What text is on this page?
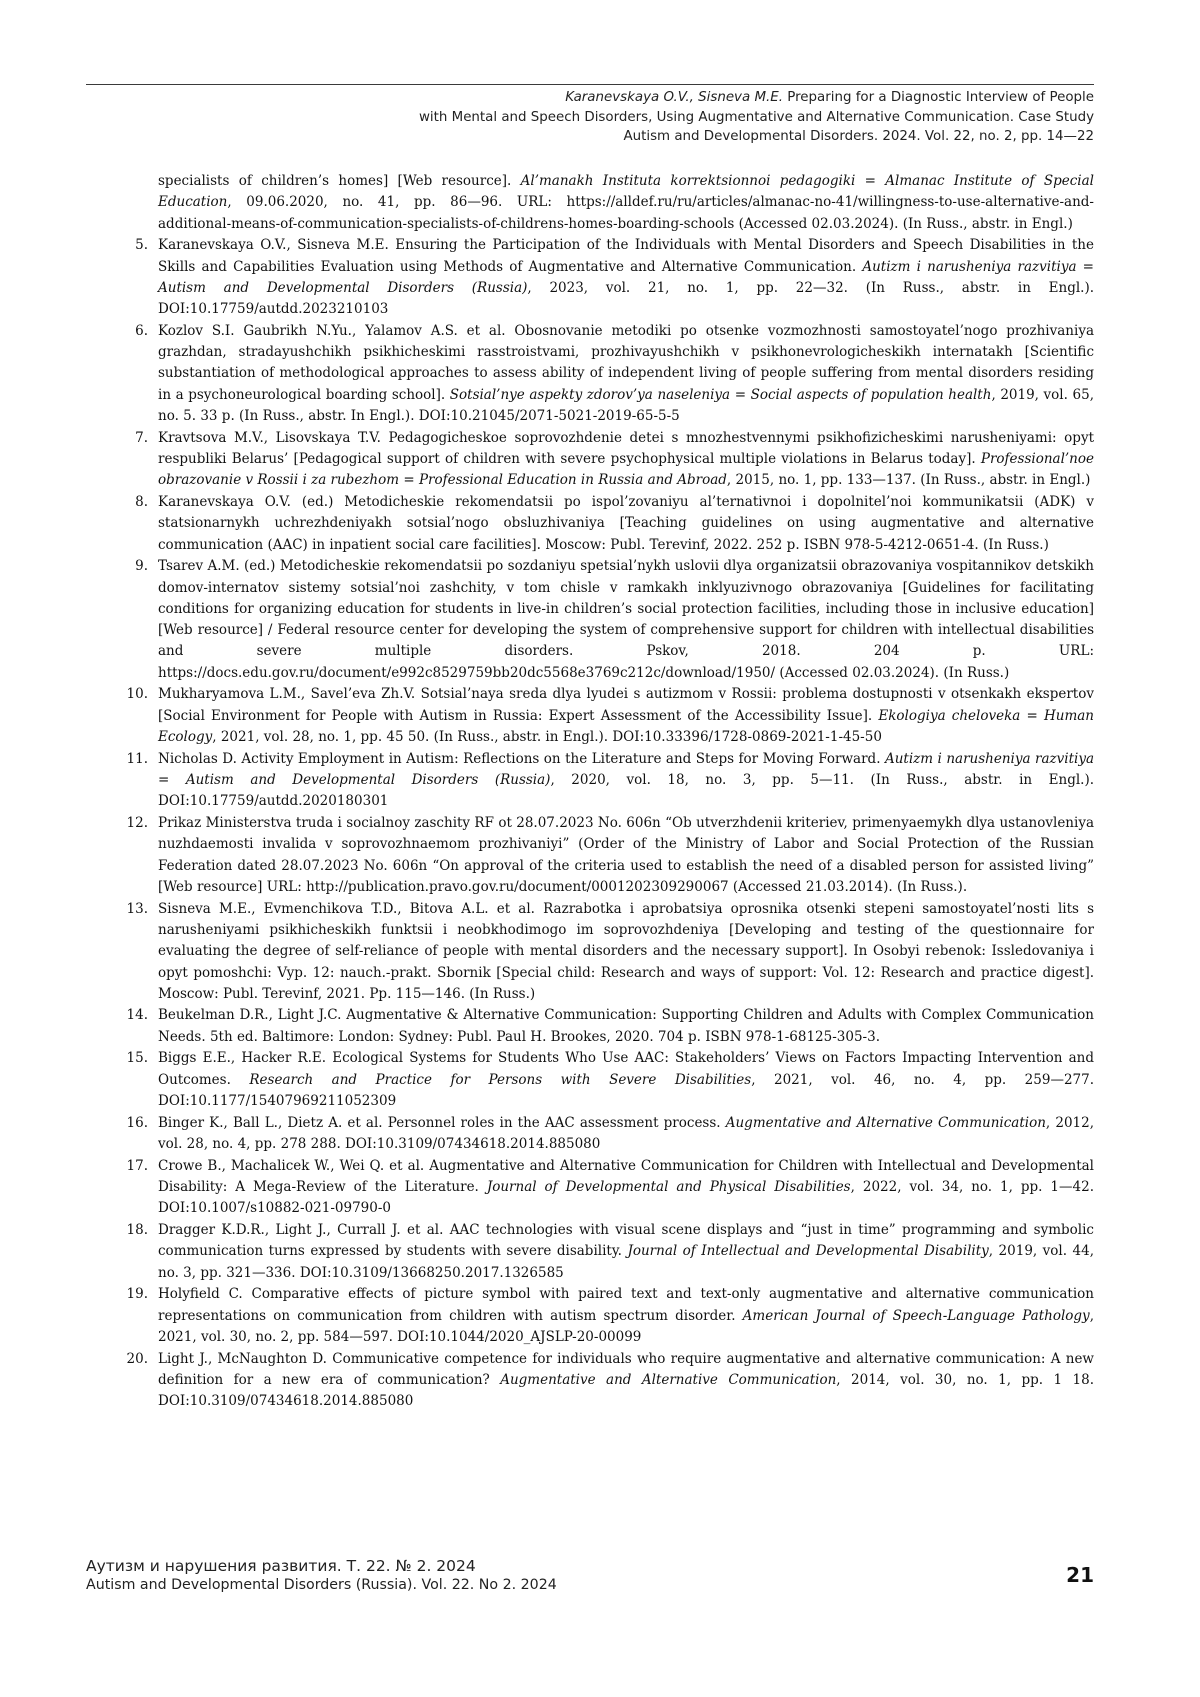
Karanevskaya O.V., Sisneva M.E. Preparing for a Diagnostic Interview of People
with Mental and Speech Disorders, Using Augmentative and Alternative Communication. Case Study
Autism and Developmental Disorders. 2024. Vol. 22, no. 2, pp. 14—22
specialists of children’s homes] [Web resource]. Al’manakh Instituta korrektsionnoi pedagogiki = Almanac Institute of Special Education, 09.06.2020, no. 41, pp. 86—96. URL: https://alldef.ru/ru/articles/almanac-no-41/willingness-to-use-alternative-and-additional-means-of-communication-specialists-of-childrens-homes-boarding-schools (Accessed 02.03.2024). (In Russ., abstr. in Engl.)
5 .	Karanevskaya O.V., Sisneva M.E. Ensuring the Participation of the Individuals with Mental Disorders and Speech Disabilities in the Skills and Capabilities Evaluation using Methods of Augmentative and Alternative Communication. Autizm i narusheniya razvitiya = Autism and Developmental Disorders (Russia), 2023, vol. 21, no. 1, pp. 22—32. (In Russ., abstr. in Engl.). DOI:10.17759/autdd.2023210103
6 .	Kozlov S.I. Gaubrikh N.Yu., Yalamov A.S. et al. Obosnovanie metodiki po otsenke vozmozhnosti samostoyatel’nogo prozhivaniya grazhdan, stradayushchikh psikhicheskimi rasstroistvami, prozhivayushchikh v psikhonevrologicheskikh internatakh [Scientific substantiation of methodological approaches to assess ability of independent living of people suffering from mental disorders residing in a psychoneurological boarding school]. Sotsial’nye aspekty zdorov’ya naseleniya = Social aspects of population health, 2019, vol. 65, no. 5. 33 p. (In Russ., abstr. In Engl.). DOI:10.21045/2071-5021-2019-65-5-5
7 .	Kravtsova M.V., Lisovskaya T.V. Pedagogicheskoe soprovozhdenie detei s mnozhestvennymi psikhofizicheskimi narusheniyami: opyt respubliki Belarus’ [Pedagogical support of children with severe psychophysical multiple violations in Belarus today]. Professional’noe obrazovanie v Rossii i za rubezhom = Professional Education in Russia and Abroad, 2015, no. 1, pp. 133—137. (In Russ., abstr. in Engl.)
8 .	Karanevskaya O.V. (ed.) Metodicheskie rekomendatsii po ispol’zovaniyu al’ternativnoi i dopolnitel’noi kommunikatsii (ADK) v statsionarnykh uchrezhdeniyakh sotsial’nogo obsluzhivaniya [Teaching guidelines on using augmentative and alternative communication (AAC) in inpatient social care facilities]. Moscow: Publ. Terevinf, 2022. 252 p. ISBN 978-5-4212-0651-4. (In Russ.)
9 .	Tsarev A.M. (ed.) Metodicheskie rekomendatsii po sozdaniyu spetsial’nykh uslovii dlya organizatsii obrazovaniya vospitannikov detskikh domov-internatov sistemy sotsial’noi zashchity, v tom chisle v ramkakh inklyuzivnogo obrazovaniya [Guidelines for facilitating conditions for organizing education for students in live-in children’s social protection facilities, including those in inclusive education] [Web resource] / Federal resource center for developing the system of comprehensive support for children with intellectual disabilities and severe multiple disorders. Pskov, 2018. 204 p. URL: https://docs.edu.gov.ru/document/e992c8529759bb20dc5568e3769c212c/download/1950/ (Accessed 02.03.2024). (In Russ.)
10 .	Mukharyamova L.M., Savel’eva Zh.V. Sotsial’naya sreda dlya lyudei s autizmom v Rossii: problema dostupnosti v otsenkakh ekspertov [Social Environment for People with Autism in Russia: Expert Assessment of the Accessibility Issue]. Ekologiya cheloveka = Human Ecology, 2021, vol. 28, no. 1, pp. 45 50. (In Russ., abstr. in Engl.). DOI:10.33396/1728-0869-2021-1-45-50
11 .	Nicholas D. Activity Employment in Autism: Reflections on the Literature and Steps for Moving Forward. Autizm i narusheniya razvitiya = Autism and Developmental Disorders (Russia), 2020, vol. 18, no. 3, pp. 5—11. (In Russ., abstr. in Engl.). DOI:10.17759/autdd.2020180301
12 .	Prikaz Ministerstva truda i socialnoy zaschity RF ot 28.07.2023 No. 606n “Ob utverzhdenii kriteriev, primenyaemykh dlya ustanovleniya nuzhdaemosti invalida v soprovozhnaemom prozhivaniyi” (Order of the Ministry of Labor and Social Protection of the Russian Federation dated 28.07.2023 No. 606n “On approval of the criteria used to establish the need of a disabled person for assisted living” [Web resource] URL: http://publication.pravo.gov.ru/document/0001202309290067 (Accessed 21.03.2014). (In Russ.).
13 .	Sisneva M.E., Evmenchikova T.D., Bitova A.L. et al. Razrabotka i aprobatsiya oprosnika otsenki stepeni samostoyatel’nosti lits s narusheniyami psikhicheskikh funktsii i neobkhodimogo im soprovozhdeniya [Developing and testing of the questionnaire for evaluating the degree of self-reliance of people with mental disorders and the necessary support]. In Osobyi rebenok: Issledovaniya i opyt pomoshchi: Vyp. 12: nauch.-prakt. Sbornik [Special child: Research and ways of support: Vol. 12: Research and practice digest]. Moscow: Publ. Terevinf, 2021. Pp. 115—146. (In Russ.)
14 .	Beukelman D.R., Light J.C. Augmentative & Alternative Communication: Supporting Children and Adults with Complex Communication Needs. 5th ed. Baltimore: London: Sydney: Publ. Paul H. Brookes, 2020. 704 p. ISBN 978-1-68125-305-3.
15 .	Biggs E.E., Hacker R.E. Ecological Systems for Students Who Use AAC: Stakeholders’ Views on Factors Impacting Intervention and Outcomes. Research and Practice for Persons with Severe Disabilities, 2021, vol. 46, no. 4, pp. 259—277. DOI:10.1177/15407969211052309
16 .	Binger K., Ball L., Dietz A. et al. Personnel roles in the AAC assessment process. Augmentative and Alternative Communication, 2012, vol. 28, no. 4, pp. 278 288. DOI:10.3109/07434618.2014.885080
17 .	Crowe B., Machalicek W., Wei Q. et al. Augmentative and Alternative Communication for Children with Intellectual and Developmental Disability: A Mega-Review of the Literature. Journal of Developmental and Physical Disabilities, 2022, vol. 34, no. 1, pp. 1—42. DOI:10.1007/s10882-021-09790-0
18 .	Dragger K.D.R., Light J., Currall J. et al. AAC technologies with visual scene displays and “just in time” programming and symbolic communication turns expressed by students with severe disability. Journal of Intellectual and Developmental Disability, 2019, vol. 44, no. 3, pp. 321—336. DOI:10.3109/13668250.2017.1326585
19 .	Holyfield C. Comparative effects of picture symbol with paired text and text-only augmentative and alternative communication representations on communication from children with autism spectrum disorder. American Journal of Speech-Language Pathology, 2021, vol. 30, no. 2, pp. 584—597. DOI:10.1044/2020_AJSLP-20-00099
20 .	Light J., McNaughton D. Communicative competence for individuals who require augmentative and alternative communication: A new definition for a new era of communication? Augmentative and Alternative Communication, 2014, vol. 30, no. 1, pp. 1 18. DOI:10.3109/07434618.2014.885080
Аутизм и нарушения развития. Т. 22. № 2. 2024
Autism and Developmental Disorders (Russia). Vol. 22. No 2. 2024	21
